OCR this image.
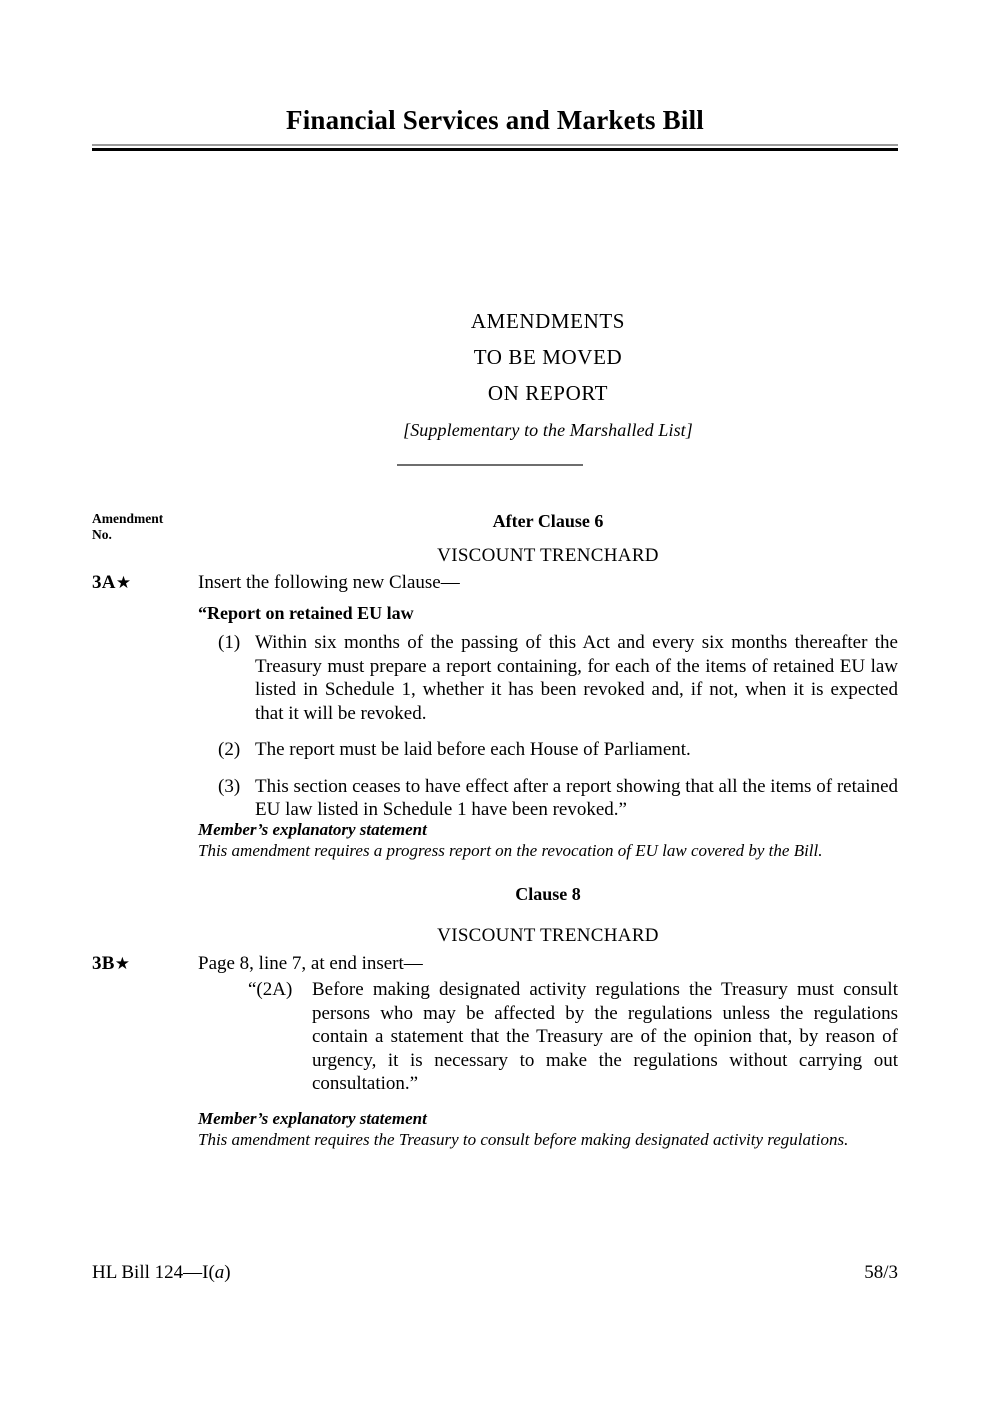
Financial Services and Markets Bill
AMENDMENTS
TO BE MOVED
ON REPORT
[Supplementary to the Marshalled List]
Amendment
No.
3A★
3B★
After Clause 6
VISCOUNT TRENCHARD
Insert the following new Clause—
“Report on retained EU law
(1) Within six months of the passing of this Act and every six months thereafter the Treasury must prepare a report containing, for each of the items of retained EU law listed in Schedule 1, whether it has been revoked and, if not, when it is expected that it will be revoked.
(2) The report must be laid before each House of Parliament.
(3) This section ceases to have effect after a report showing that all the items of retained EU law listed in Schedule 1 have been revoked.”
Member’s explanatory statement
This amendment requires a progress report on the revocation of EU law covered by the Bill.
Clause 8
VISCOUNT TRENCHARD
Page 8, line 7, at end insert—
“(2A) Before making designated activity regulations the Treasury must consult persons who may be affected by the regulations unless the regulations contain a statement that the Treasury are of the opinion that, by reason of urgency, it is necessary to make the regulations without carrying out consultation.”
Member’s explanatory statement
This amendment requires the Treasury to consult before making designated activity regulations.
HL Bill 124—I(a)	58/3
